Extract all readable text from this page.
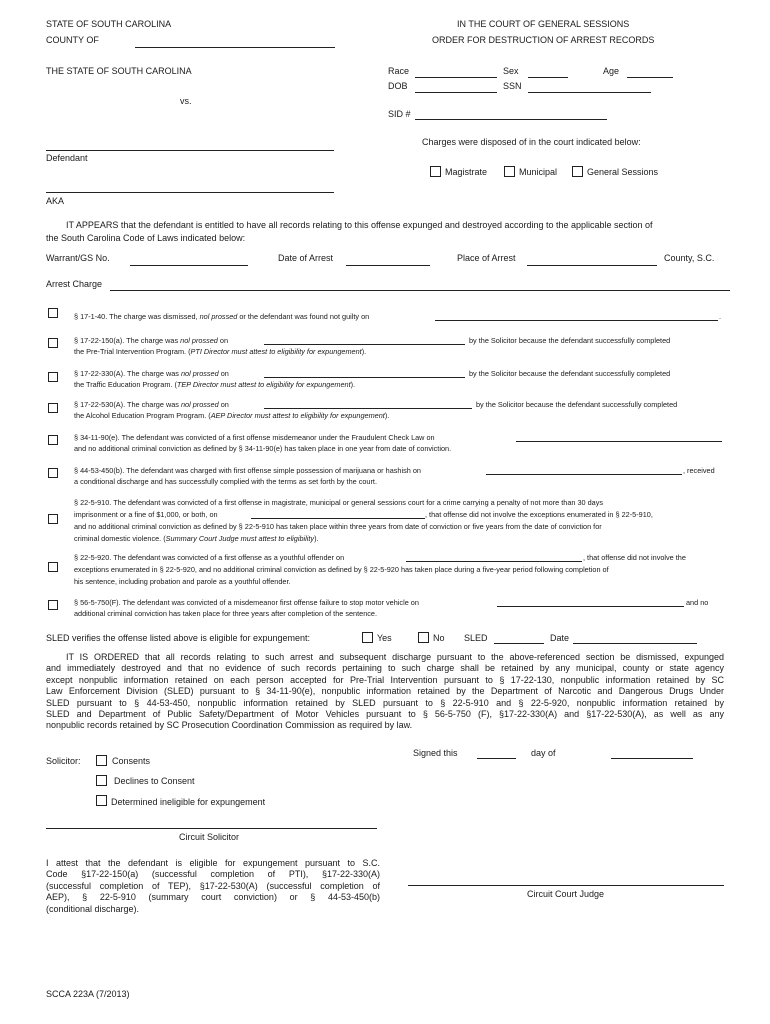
STATE OF SOUTH CAROLINA
COUNTY OF
IN THE COURT OF GENERAL SESSIONS
ORDER FOR DESTRUCTION OF ARREST RECORDS
THE STATE OF SOUTH CAROLINA
vs.
Defendant
AKA
Race	Sex	Age
DOB	SSN
SID #
Charges were disposed of in the court indicated below:
Magistrate	Municipal	General Sessions
IT APPEARS that the defendant is entitled to have all records relating to this offense expunged and destroyed according to the applicable section of
the South Carolina Code of Laws indicated below:
Warrant/GS No.	Date of Arrest	Place of Arrest	County, S.C.
Arrest Charge
§ 17-1-40. The charge was dismissed, nol prossed or the defendant was found not guilty on	.
§ 17-22-150(a). The charge was nol prossed on	by the Solicitor because the defendant successfully completed
the Pre-Trial Intervention Program. (PTI Director must attest to eligibility for expungement).
§ 17-22-330(A). The charge was nol prossed on	by the Solicitor because the defendant successfully completed
the Traffic Education Program. (TEP Director must attest to eligibility for expungement).
§ 17-22-530(A). The charge was nol prossed on	by the Solicitor because the defendant successfully completed
the Alcohol Education Program Program. (AEP Director must attest to eligibility for expungement).
§ 34-11-90(e). The defendant was convicted of a first offense misdemeanor under the Fraudulent Check Law on
and no additional criminal conviction as defined by § 34-11-90(e) has taken place in one year from date of conviction.
§ 44-53-450(b). The defendant was charged with first offense simple possession of marijuana or hashish on	, received
a conditional discharge and has successfully complied with the terms as set forth by the court.
§ 22-5-910. The defendant was convicted of a first offense in magistrate, municipal or general sessions court for a crime carrying a penalty of not more than 30 days
imprisonment or a fine of $1,000, or both, on	, that offense did not involve the exceptions enumerated in § 22-5-910,
and no additional criminal conviction as defined by § 22-5-910 has taken place within three years from date of conviction or five years from the date of conviction for
criminal domestic violence. (Summary Court Judge must attest to eligibility).
§ 22-5-920. The defendant was convicted of a first offense as a youthful offender on	, that offense did not involve the
exceptions enumerated in § 22-5-920, and no additional criminal conviction as defined by § 22-5-920 has taken place during a five-year period following completion of
his sentence, including probation and parole as a youthful offender.
§ 56-5-750(F). The defendant was convicted of a misdemeanor first offense failure to stop motor vehicle on	and no
additional criminal conviction has taken place for three years after completion of the sentence.
SLED verifies the offense listed above is eligible for expungement:	Yes	No SLED	Date
IT IS ORDERED that all records relating to such arrest and subsequent discharge pursuant to the above-referenced section be dismissed, expunged
and immediately destroyed and that no evidence of such records pertaining to such charge shall be retained by any municipal, county or state agency
except nonpublic information retained on each person accepted for Pre-Trial Intervention pursuant to § 17-22-130, nonpublic information retained by SC
Law Enforcement Division (SLED) pursuant to § 34-11-90(e), nonpublic information retained by the Department of Narcotic and Dangerous Drugs Under
SLED pursuant to § 44-53-450, nonpublic information retained by SLED pursuant to § 22-5-910 and § 22-5-920, nonpublic information retained by
SLED and Department of Public Safety/Department of Motor Vehicles pursuant to § 56-5-750 (F), §17-22-330(A) and §17-22-530(A), as well as any
nonpublic records retained by SC Prosecution Coordination Commission as required by law.
Signed this	day of
Solicitor:	Consents
Declines to Consent
Determined ineligible for expungement
Circuit Solicitor
I attest that the defendant is eligible for expungement pursuant to S.C.
Code §17-22-150(a) (successful completion of PTI), §17-22-330(A)
(successful completion of TEP), §17-22-530(A) (successful completion of
AEP), § 22-5-910 (summary court conviction) or § 44-53-450(b)
(conditional discharge).
Circuit Court Judge
SCCA 223A (7/2013)
